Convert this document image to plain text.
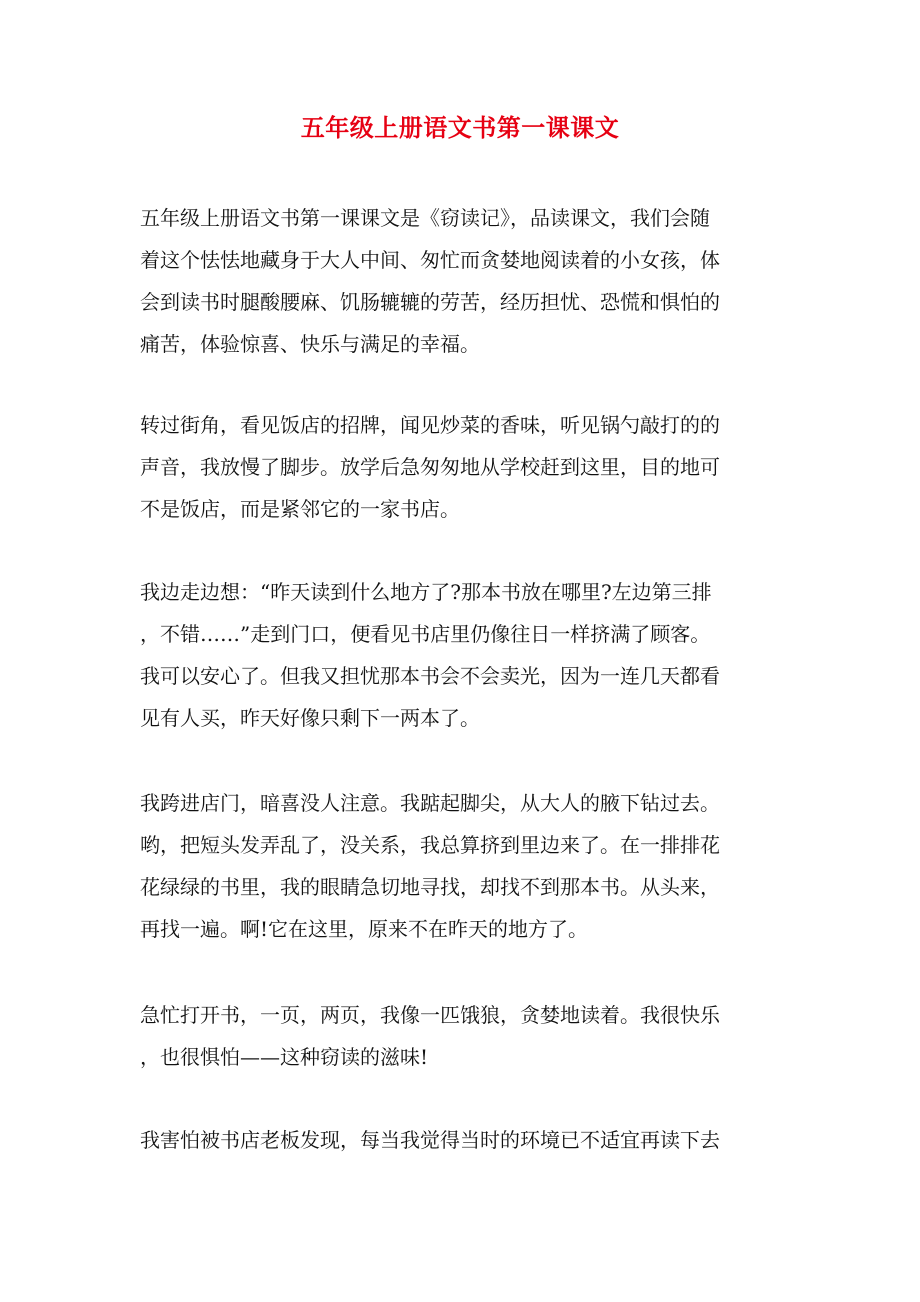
五年级上册语文书第一课课文

五年级上册语文书第一课课文是《窃读记》，品读课文，我们会随
着这个怯怯地藏身于大人中间、匆忙而贪婪地阅读着的小女孩，体
会到读书时腿酸腰麻、饥肠辘辘的劳苦，经历担忧、恐慌和惧怕的
痛苦，体验惊喜、快乐与满足的幸福。

转过街角，看见饭店的招牌，闻见炒菜的香味，听见锅勺敲打的的
声音，我放慢了脚步。放学后急匆匆地从学校赶到这里，目的地可
不是饭店，而是紧邻它的一家书店。

我边走边想：“昨天读到什么地方了?那本书放在哪里?左边第三排
，不错……”走到门口，便看见书店里仍像往日一样挤满了顾客。
我可以安心了。但我又担忧那本书会不会卖光，因为一连几天都看
见有人买，昨天好像只剩下一两本了。

我跨进店门，暗喜没人注意。我踮起脚尖，从大人的腋下钻过去。
哟，把短头发弄乱了，没关系，我总算挤到里边来了。在一排排花
花绿绿的书里，我的眼睛急切地寻找，却找不到那本书。从头来，
再找一遍。啊!它在这里，原来不在昨天的地方了。

急忙打开书，一页，两页，我像一匹饿狼，贪婪地读着。我很快乐
，也很惧怕——这种窃读的滋味!

我害怕被书店老板发现，每当我觉得当时的环境已不适宜再读下去
